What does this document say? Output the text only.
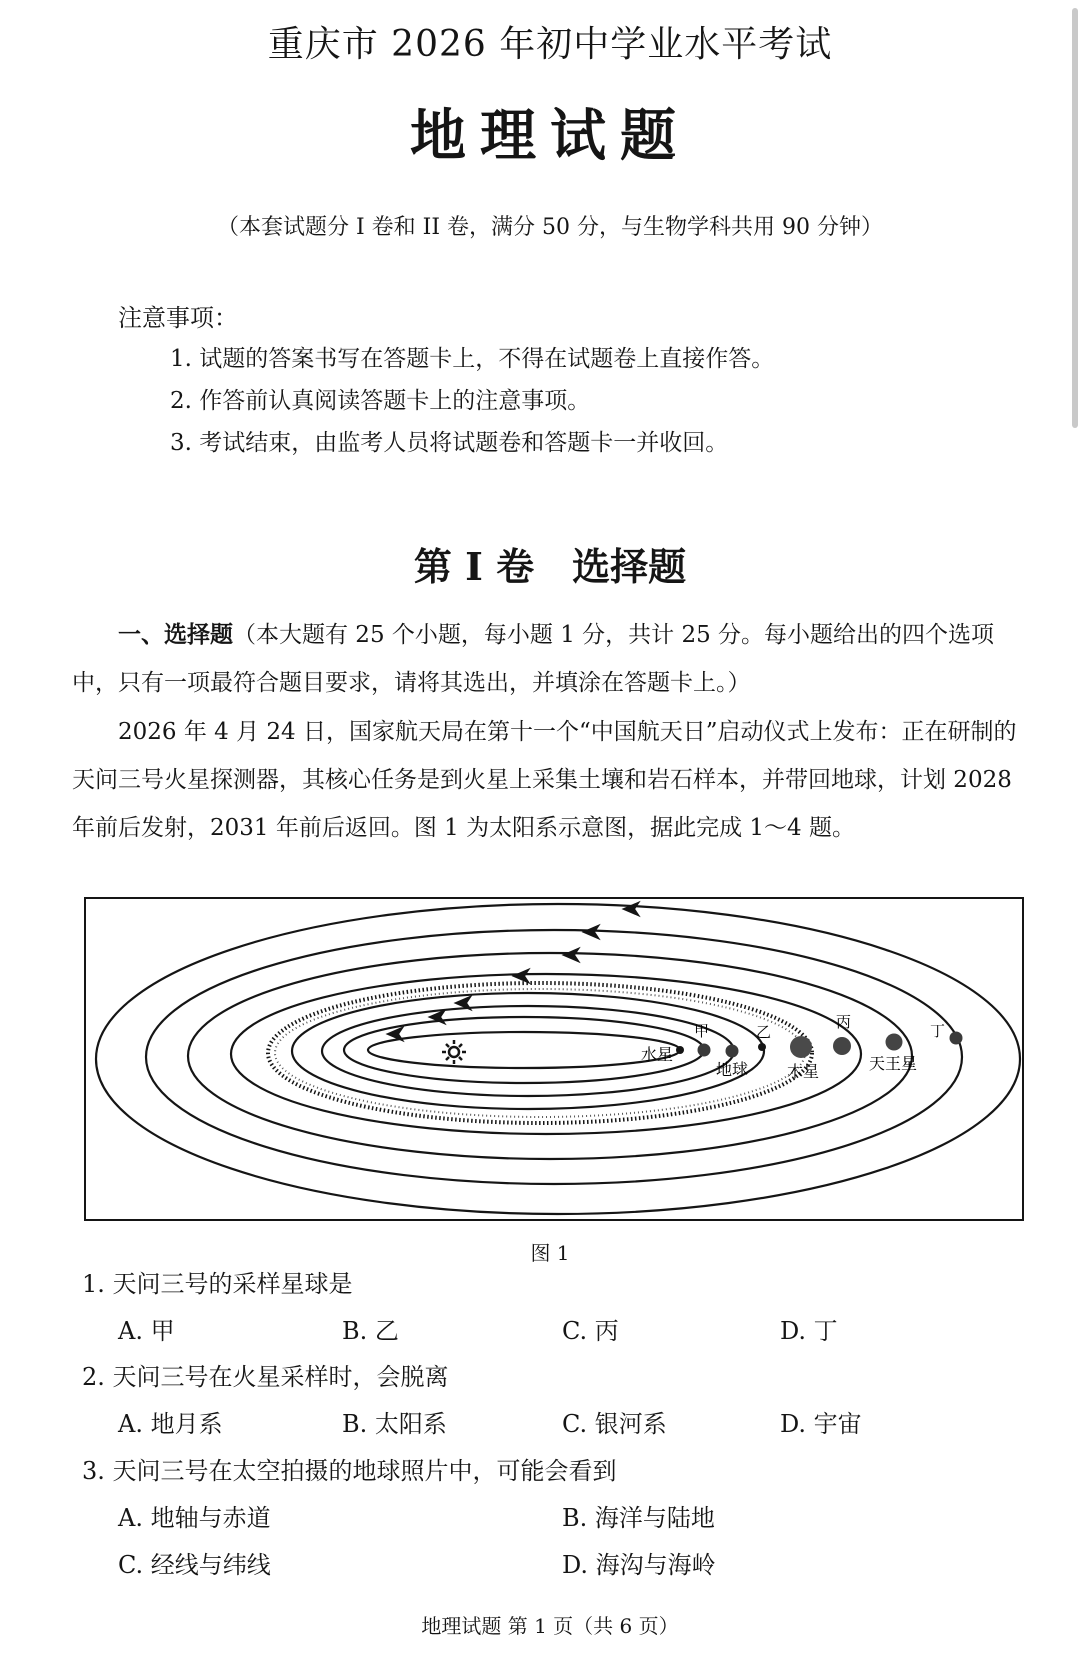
重庆市 2026 年初中学业水平考试
地理试题
（本套试题分 I 卷和 II 卷，满分 50 分，与生物学科共用 90 分钟）
注意事项：
1. 试题的答案书写在答题卡上，不得在试题卷上直接作答。
2. 作答前认真阅读答题卡上的注意事项。
3. 考试结束，由监考人员将试题卷和答题卡一并收回。
第 I 卷 选择题
一、选择题（本大题有 25 个小题，每小题 1 分，共计 25 分。每小题给出的四个选项中，只有一项最符合题目要求，请将其选出，并填涂在答题卡上。）
2026 年 4 月 24 日，国家航天局在第十一个“中国航天日”启动仪式上发布：正在研制的天问三号火星探测器，其核心任务是到火星上采集土壤和岩石样本，并带回地球，计划 2028 年前后发射，2031 年前后返回。图 1 为太阳系示意图，据此完成 1～4 题。
水星
甲
地球
乙
木星
丙
天王星
丁
图 1
1. 天问三号的采样星球是
A. 甲	B. 乙	C. 丙	D. 丁
2. 天问三号在火星采样时，会脱离
A. 地月系	B. 太阳系	C. 银河系	D. 宇宙
3. 天问三号在太空拍摄的地球照片中，可能会看到
A. 地轴与赤道	B. 海洋与陆地
C. 经线与纬线	D. 海沟与海岭
地理试题 第 1 页（共 6 页）
